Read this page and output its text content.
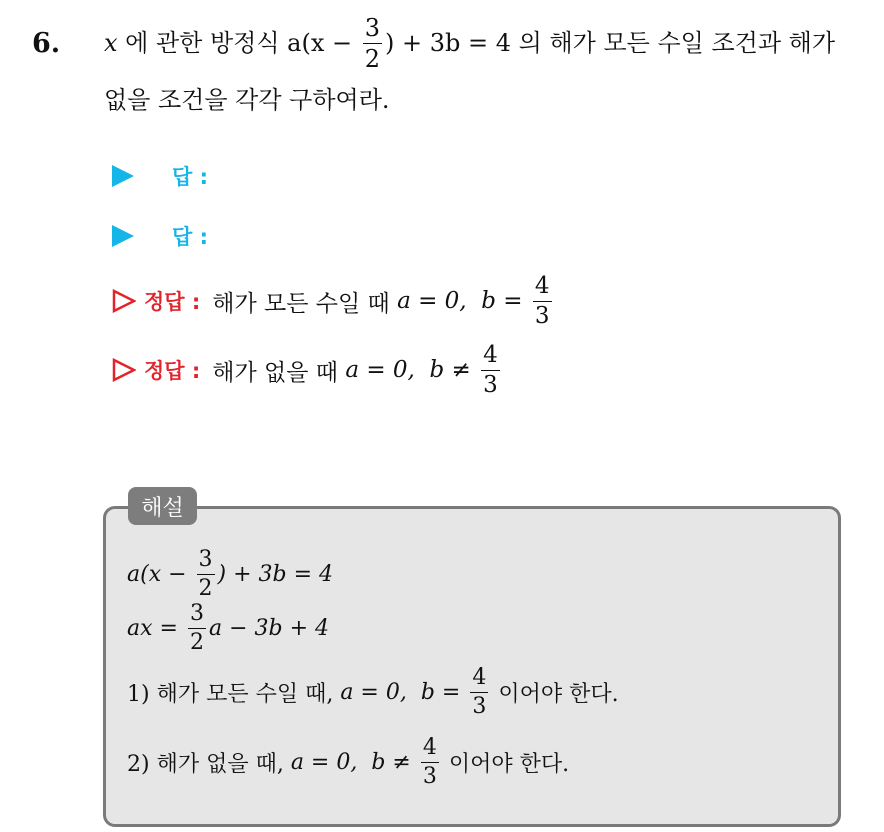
6. x 에 관한 방정식 $a(x - \frac{3}{2}$ ) + 3b = 4 의 해가 모든 수일 조건과 해가
없을 조건을 각각 구하여라.
답 :
답 :
정답 : 해가 모든 수일 때 a = 0,  $b = \frac{4}{3}$
정답 : 해가 없을 때 a = 0,  $b \ne \frac{4}{3}$
해설
$a(x - \frac{3}{2}$ ) + 3b = 4
ax = $\frac{3}{2}$ a − 3b + 4
1) 해가 모든 수일 때, a = 0,  $b = \frac{4}{3}$ 이어야 한다.
2) 해가 없을 때, a = 0,  $b \ne \frac{4}{3}$ 이어야 한다.
